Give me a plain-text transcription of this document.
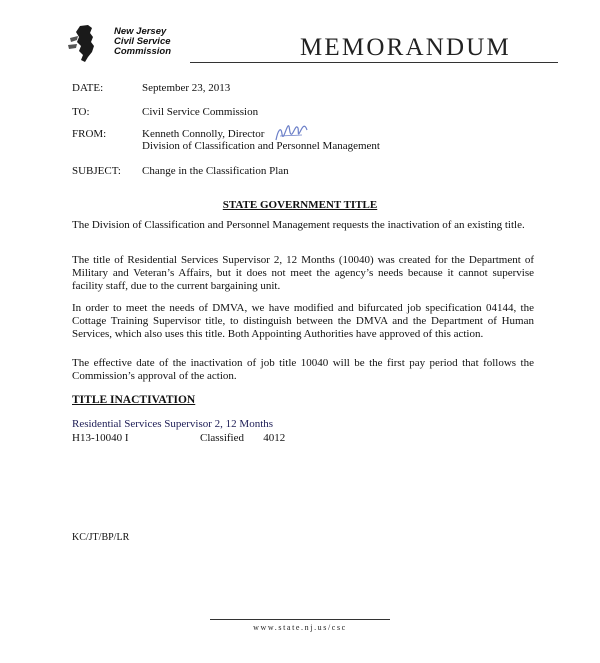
New Jersey
Civil Service
Commission	MEMORANDUM
DATE:	September 23, 2013
TO:	Civil Service Commission
FROM:	Kenneth Connolly, Director
Division of Classification and Personnel Management
SUBJECT: Change in the Classification Plan
STATE GOVERNMENT TITLE
The Division of Classification and Personnel Management requests the inactivation of an existing title.
The title of Residential Services Supervisor 2, 12 Months (10040) was created for the Department of Military and Veteran’s Affairs, but it does not meet the agency’s needs because it cannot supervise facility staff, due to the current bargaining unit.
In order to meet the needs of DMVA, we have modified and bifurcated job specification 04144, the Cottage Training Supervisor title, to distinguish between the DMVA and the Department of Human Services, which also uses this title. Both Appointing Authorities have approved of this action.
The effective date of the inactivation of job title 10040 will be the first pay period that follows the Commission’s approval of the action.
TITLE INACTIVATION
Residential Services Supervisor 2, 12 Months
H13-10040 I	Classified 4012
KC/JT/BP/LR
www.state.nj.us/csc
